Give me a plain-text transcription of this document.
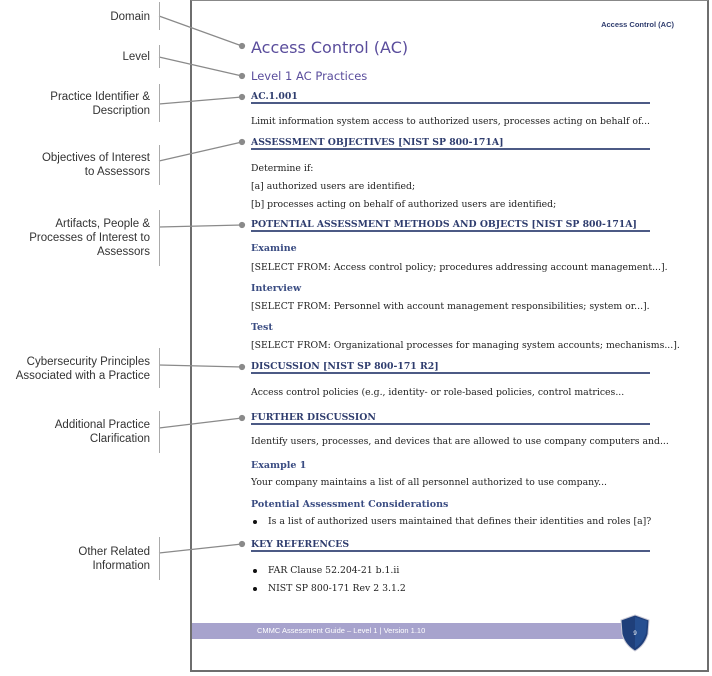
Domain
Level
Practice Identifier &
Description
Objectives of Interest
to Assessors
Artifacts, People &
Processes of Interest to
Assessors
Cybersecurity Principles
Associated with a Practice
Additional Practice
Clarification
Other Related
Information
Access Control (AC)
Access Control (AC)
Level 1 AC Practices
AC.1.001
Limit information system access to authorized users, processes acting on behalf of...
ASSESSMENT OBJECTIVES [NIST SP 800-171A]
Determine if:
[a] authorized users are identified;
[b] processes acting on behalf of authorized users are identified;
POTENTIAL ASSESSMENT METHODS AND OBJECTS [NIST SP 800-171A]
Examine
[SELECT FROM: Access control policy; procedures addressing account management...].
Interview
[SELECT FROM: Personnel with account management responsibilities; system or...].
Test
[SELECT FROM: Organizational processes for managing system accounts; mechanisms...].
DISCUSSION [NIST SP 800-171 R2]
Access control policies (e.g., identity- or role-based policies, control matrices...
FURTHER DISCUSSION
Identify users, processes, and devices that are allowed to use company computers and...
Example 1
Your company maintains a list of all personnel authorized to use company...
Potential Assessment Considerations
Is a list of authorized users maintained that defines their identities and roles [a]?
KEY REFERENCES
FAR Clause 52.204-21 b.1.ii
NIST SP 800-171 Rev 2 3.1.2
CMMC Assessment Guide – Level 1 | Version 1.10	9
